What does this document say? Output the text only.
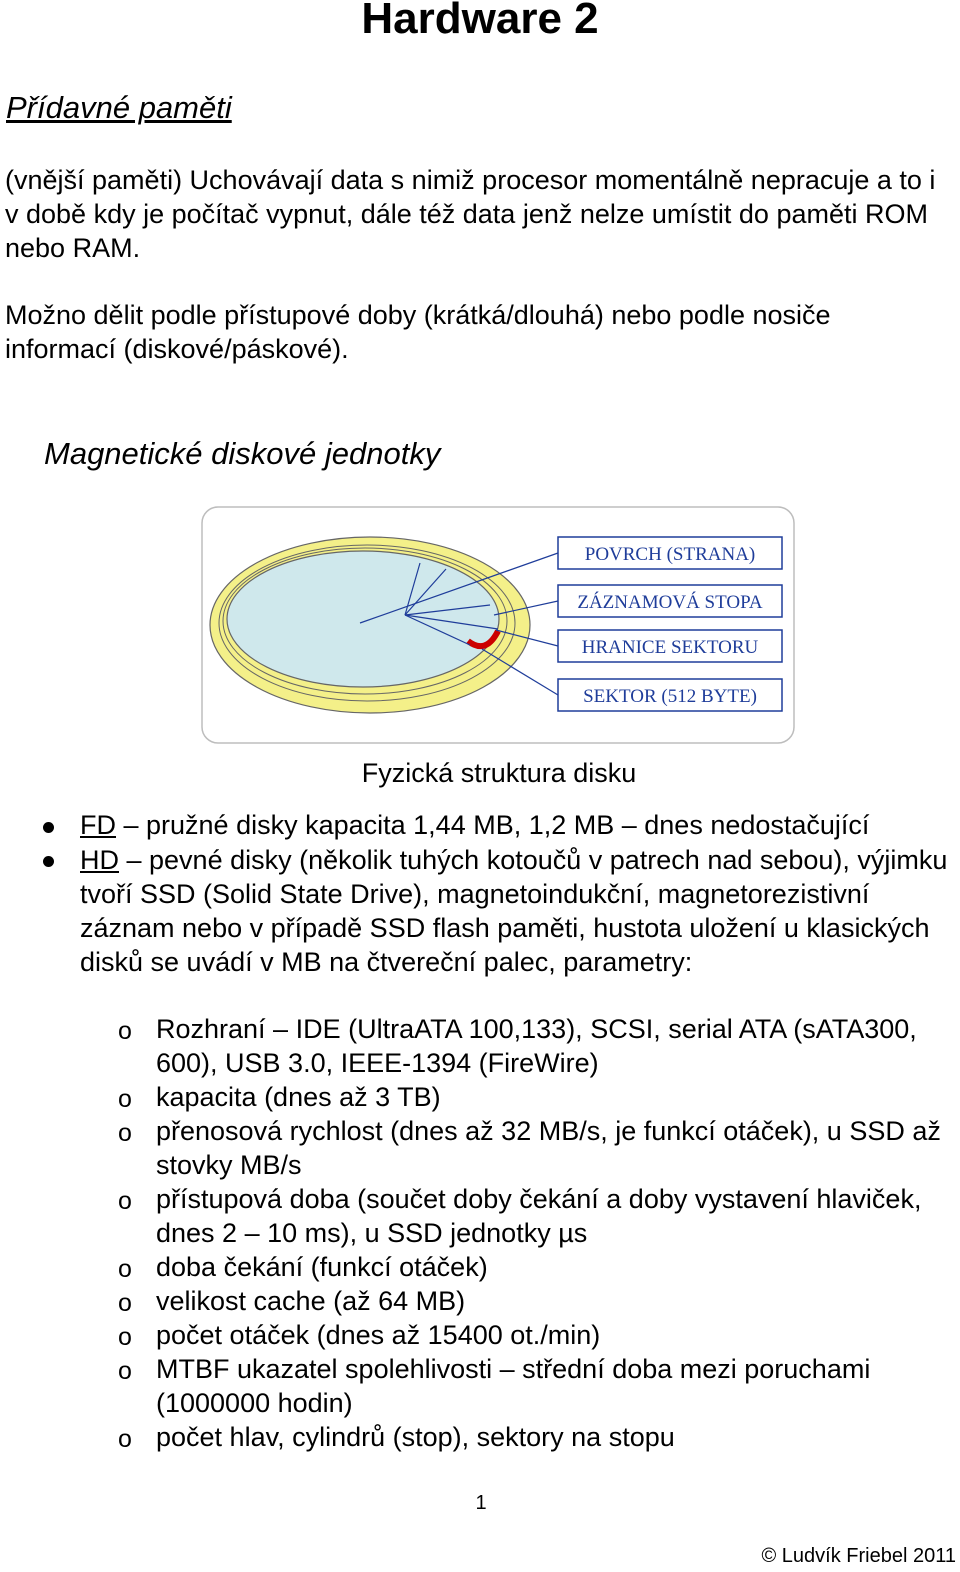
Hardware 2
Přídavné paměti
(vnější paměti) Uchovávají data s nimiž procesor momentálně nepracuje a to i v době kdy je počítač vypnut, dále též data jenž nelze umístit do paměti ROM nebo RAM.
Možno dělit podle přístupové doby (krátká/dlouhá) nebo podle nosiče informací (diskové/páskové).
Magnetické diskové jednotky
POVRCH (STRANA)
ZÁZNAMOVÁ STOPA
HRANICE SEKTORU
SEKTOR (512 BYTE)
Fyzická struktura disku
FD – pružné disky kapacita 1,44 MB, 1,2 MB – dnes nedostačující
HD – pevné disky (několik tuhých kotoučů v patrech nad sebou), výjimku tvoří SSD (Solid State Drive), magnetoindukční, magnetorezistivní záznam nebo v případě SSD flash paměti, hustota uložení u klasických disků se uvádí v MB na čtvereční palec, parametry:
o Rozhraní – IDE (UltraATA 100,133), SCSI, serial ATA (sATA300, 600), USB 3.0, IEEE-1394 (FireWire)
o kapacita (dnes až 3 TB)
o přenosová rychlost (dnes až 32 MB/s, je funkcí otáček), u SSD až stovky MB/s
o přístupová doba (součet doby čekání a doby vystavení hlaviček, dnes 2 – 10 ms), u SSD jednotky µs
o doba čekání (funkcí otáček)
o velikost cache (až 64 MB)
o počet otáček (dnes až 15400 ot./min)
o MTBF ukazatel spolehlivosti – střední doba mezi poruchami (1000000 hodin)
o počet hlav, cylindrů (stop), sektory na stopu
1
© Ludvík Friebel 2011
